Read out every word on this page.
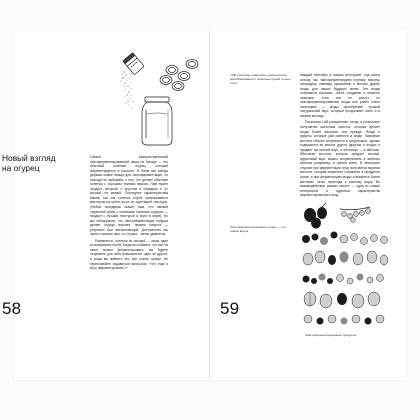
Новый взгляд
на огурец
58

Самый распространенный лактоферментированный овощ на Западе — это обычный соленый огурец, который ферментируется в рассоле. В Нома мы всегда держим новые овощи для лактоферментации, но никогда не забываем о том, что делает обычные соленья с хорошим темным вкусом. Нам нужен продукт, который: с хрустом в середине и 61 кислый, не мягкий. Последнее характеристика важна, так как соленье порой приказывается мастером на кухне из-за их хрустящей текстуры. (Любой скандинав скажет вам, что свежей огуречной рыбы с копченым соленым огурцом — продукт с лучшей текстурой и хруст в мире). Но мы обнаружили, что лактоферментация огурцов делает огурцы вкуснее, нежели капуста — результат был впечатляющий. Достоинство мы просто сказать нам, что лучше... меню удивлены.

Разумеется, соленья из овощей — лишь один из возможных путей. Когда вы поймете, что все на свете можно ферментировать, вы будете открывать для себя возможности одна за другой, и когда вы поймете это, все станет проще. Не переставайте задаваться вопросом: «Что еще я могу ферментировать?»

LAB способны совершить невероятные преобразования с помощью одной только соли.

Каждый сентябрь в нашем ресторане, под конец сезона, мы лактоферментируем чернику, малину, смородину, ежевику, крыжовник и многие другие ягоды для наших будущих меню. Эти ягоды становятся кислыми, очень сладкими и немного пряными. Хотя они не растут, но лактоферментированные ягоды все равно очень популярны — ягоды приобретают лучший натуральный вкус, который продолжает жить и в зимние месяцы.

Поскольку LAB расщепляют сахар, в результате получается молочная кислота, которая делает ягоды более кислыми, чем прежде. Ягоды и фрукты, которые уже имеются в ягоде. Лимонная кислота обычно встречается в цитрусовых, однако содержится во многих других фруктах и ягодах и придает им кислый вкус, а яблочная — в яблоках. Яблочная кислота, которая придает кислый, фруктовый вкус, можно почувствовать в зеленых яблоках (например, в гренни смит). В некоторых случаях при ферментации ягод получается вкусная кислота, которая позволяет сохранить в продуктах сахар, а при ферментации ягоды становятся более кислыми, легко переходя к кислому вкусу. Во взаимодействии разных кислот — одна из самых интересных и чудесных характеристик ферментированных ягод.

Лактоферментированные ягоды — это новые вкусы.
Лактоферментированные продукты
59
